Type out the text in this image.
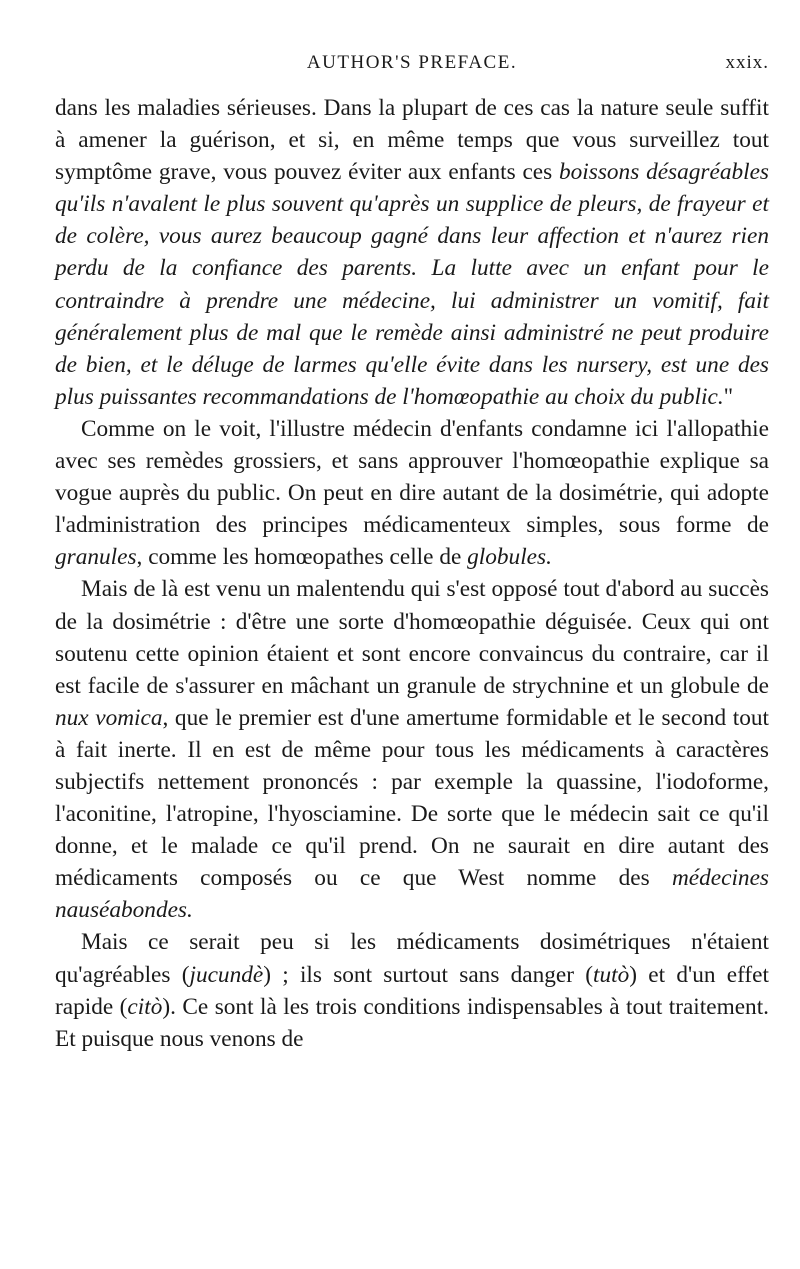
AUTHOR'S PREFACE.	xxix.

dans les maladies sérieuses. Dans la plupart de ces cas la nature seule suffit à amener la guérison, et si, en même temps que vous surveillez tout symptôme grave, vous pouvez éviter aux enfants ces boissons désagréables qu'ils n'avalent le plus souvent qu'après un supplice de pleurs, de frayeur et de colère, vous aurez beaucoup gagné dans leur affection et n'aurez rien perdu de la confiance des parents. La lutte avec un enfant pour le contraindre à prendre une médecine, lui administrer un vomitif, fait généralement plus de mal que le remède ainsi administré ne peut produire de bien, et le déluge de larmes qu'elle évite dans les nursery, est une des plus puissantes recommandations de l'homœopathie au choix du public."

Comme on le voit, l'illustre médecin d'enfants condamne ici l'allopathie avec ses remèdes grossiers, et sans approuver l'homœopathie explique sa vogue auprès du public. On peut en dire autant de la dosimétrie, qui adopte l'administration des principes médicamenteux simples, sous forme de granules, comme les homœopathes celle de globules.

Mais de là est venu un malentendu qui s'est opposé tout d'abord au succès de la dosimétrie : d'être une sorte d'homœopathie déguisée. Ceux qui ont soutenu cette opinion étaient et sont encore convaincus du contraire, car il est facile de s'assurer en mâchant un granule de strychnine et un globule de nux vomica, que le premier est d'une amertume formidable et le second tout à fait inerte. Il en est de même pour tous les médicaments à caractères subjectifs nettement prononcés : par exemple la quassine, l'iodoforme, l'aconitine, l'atropine, l'hyosciamine. De sorte que le médecin sait ce qu'il donne, et le malade ce qu'il prend. On ne saurait en dire autant des médicaments composés ou ce que West nomme des médecines nauséabondes.

Mais ce serait peu si les médicaments dosimétriques n'étaient qu'agréables (jucundè) ; ils sont surtout sans danger (tutò) et d'un effet rapide (citò). Ce sont là les trois conditions indispensables à tout traitement. Et puisque nous venons de
